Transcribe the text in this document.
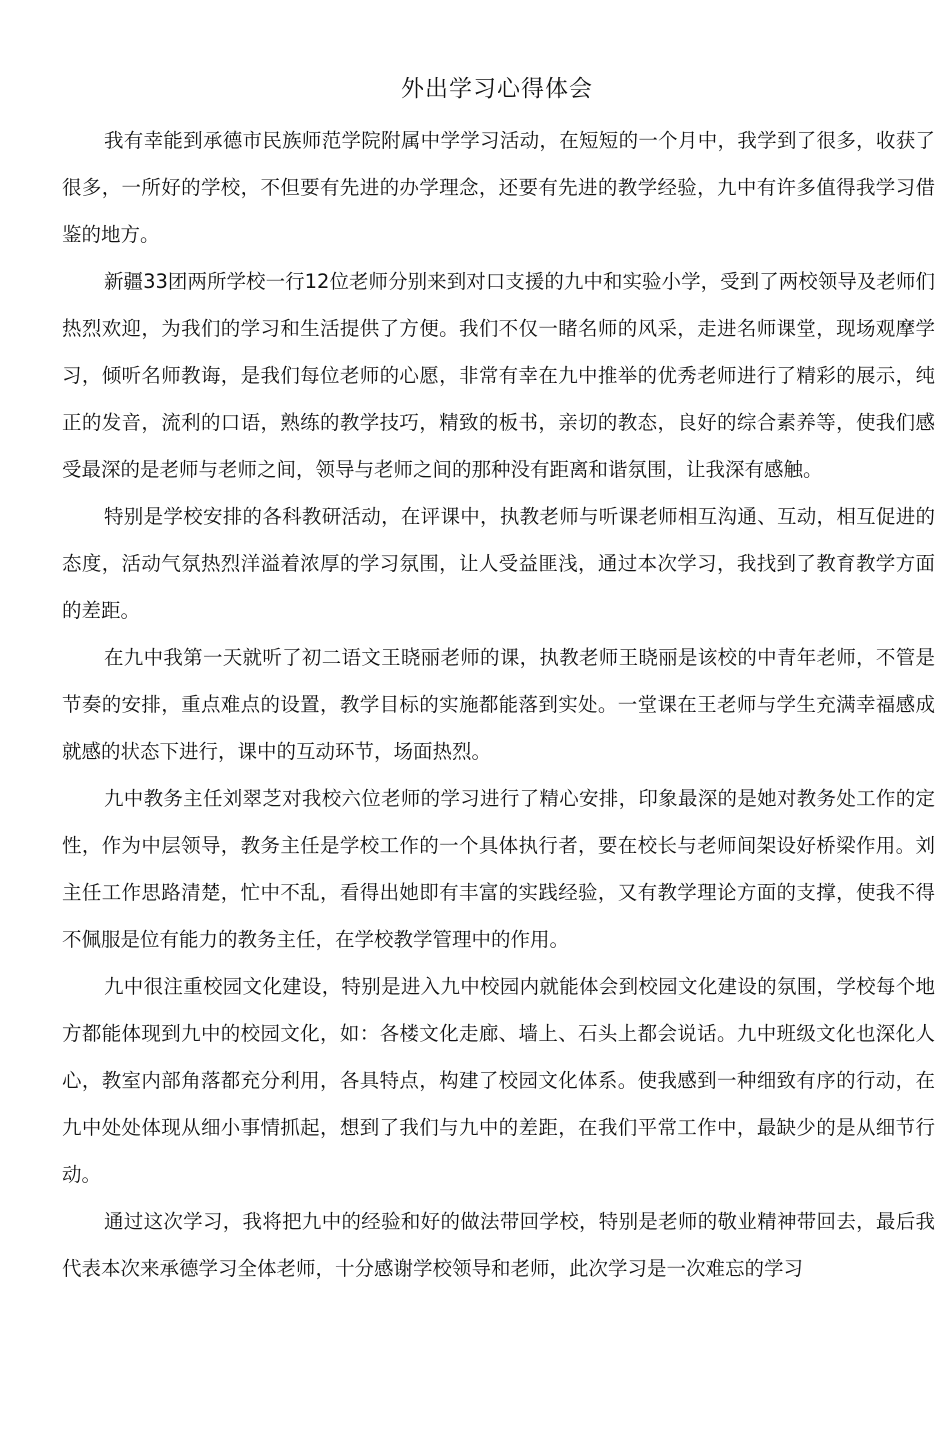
外出学习心得体会

我有幸能到承德市民族师范学院附属中学学习活动，在短短的一个月中，我学到了很多，收获了很多，一所好的学校，不但要有先进的办学理念，还要有先进的教学经验，九中有许多值得我学习借鉴的地方。

新疆33团两所学校一行12位老师分别来到对口支援的九中和实验小学，受到了两校领导及老师们热烈欢迎，为我们的学习和生活提供了方便。我们不仅一睹名师的风采，走进名师课堂，现场观摩学习，倾听名师教诲，是我们每位老师的心愿，非常有幸在九中推举的优秀老师进行了精彩的展示，纯正的发音，流利的口语，熟练的教学技巧，精致的板书，亲切的教态，良好的综合素养等，使我们感受最深的是老师与老师之间，领导与老师之间的那种没有距离和谐氛围，让我深有感触。

特别是学校安排的各科教研活动，在评课中，执教老师与听课老师相互沟通、互动，相互促进的态度，活动气氛热烈洋溢着浓厚的学习氛围，让人受益匪浅，通过本次学习，我找到了教育教学方面的差距。

在九中我第一天就听了初二语文王晓丽老师的课，执教老师王晓丽是该校的中青年老师，不管是节奏的安排，重点难点的设置，教学目标的实施都能落到实处。一堂课在王老师与学生充满幸福感成就感的状态下进行，课中的互动环节，场面热烈。

九中教务主任刘翠芝对我校六位老师的学习进行了精心安排，印象最深的是她对教务处工作的定性，作为中层领导，教务主任是学校工作的一个具体执行者，要在校长与老师间架设好桥梁作用。刘主任工作思路清楚，忙中不乱，看得出她即有丰富的实践经验，又有教学理论方面的支撑，使我不得不佩服是位有能力的教务主任，在学校教学管理中的作用。

九中很注重校园文化建设，特别是进入九中校园内就能体会到校园文化建设的氛围，学校每个地方都能体现到九中的校园文化，如：各楼文化走廊、墙上、石头上都会说话。九中班级文化也深化人心，教室内部角落都充分利用，各具特点，构建了校园文化体系。使我感到一种细致有序的行动，在九中处处体现从细小事情抓起，想到了我们与九中的差距，在我们平常工作中，最缺少的是从细节行动。

通过这次学习，我将把九中的经验和好的做法带回学校，特别是老师的敬业精神带回去，最后我代表本次来承德学习全体老师，十分感谢学校领导和老师，此次学习是一次难忘的学习
